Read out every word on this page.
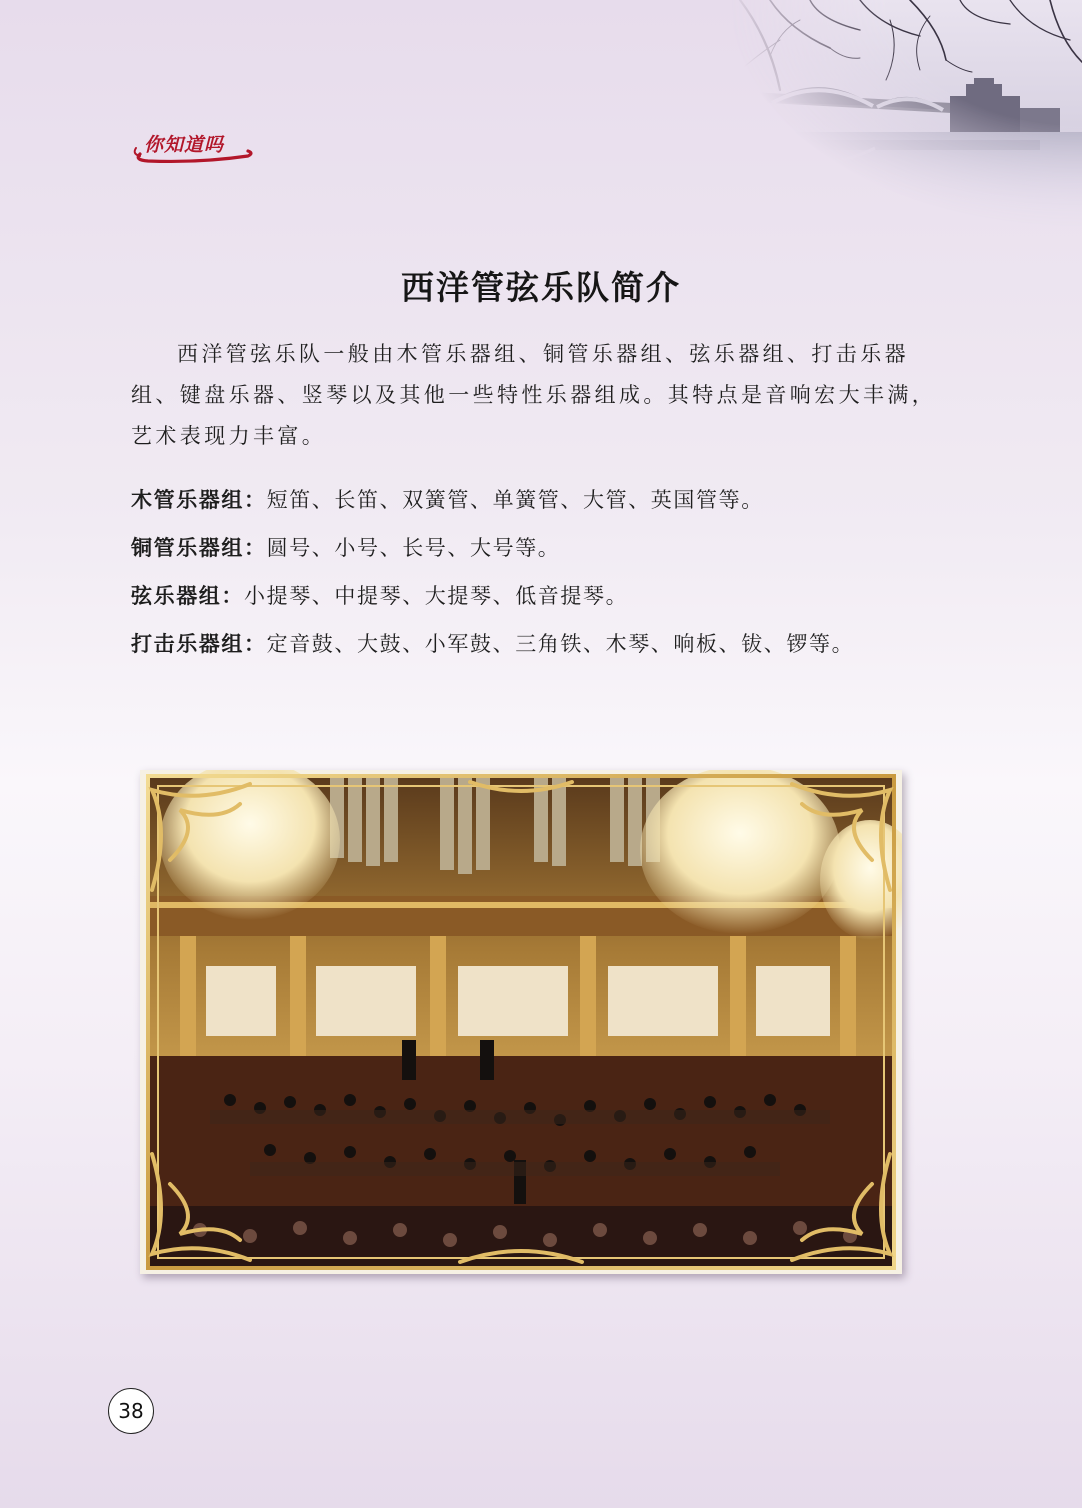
你知道吗
西洋管弦乐队简介

西洋管弦乐队一般由木管乐器组、铜管乐器组、弦乐器组、打击乐器组、键盘乐器、竖琴以及其他一些特性乐器组成。其特点是音响宏大丰满，艺术表现力丰富。

木管乐器组：短笛、长笛、双簧管、单簧管、大管、英国管等。
铜管乐器组：圆号、小号、长号、大号等。
弦乐器组：小提琴、中提琴、大提琴、低音提琴。
打击乐器组：定音鼓、大鼓、小军鼓、三角铁、木琴、响板、钹、锣等。
38
